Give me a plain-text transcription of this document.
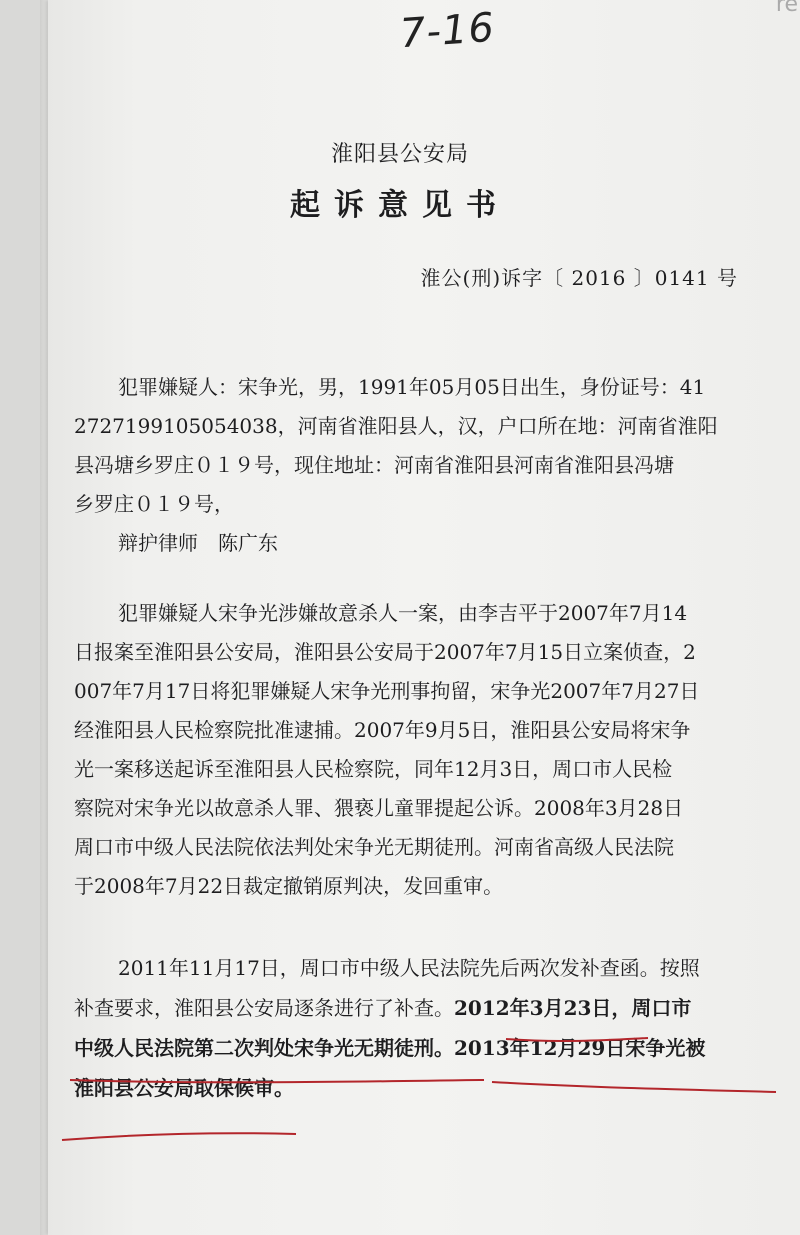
re
7-16
淮阳县公安局
起诉意见书
淮公(刑)诉字〔 2016 〕0141 号
犯罪嫌疑人：宋争光，男，1991年05月05日出生，身份证号：41
2727199105054038，河南省淮阳县人，汉，户口所在地：河南省淮阳
县冯塘乡罗庄０１９号，现住地址：河南省淮阳县河南省淮阳县冯塘
乡罗庄０１９号，
辩护律师　陈广东
犯罪嫌疑人宋争光涉嫌故意杀人一案，由李吉平于2007年7月14
日报案至淮阳县公安局，淮阳县公安局于2007年7月15日立案侦查，2
007年7月17日将犯罪嫌疑人宋争光刑事拘留，宋争光2007年7月27日
经淮阳县人民检察院批准逮捕。2007年9月5日，淮阳县公安局将宋争
光一案移送起诉至淮阳县人民检察院，同年12月3日，周口市人民检
察院对宋争光以故意杀人罪、猥亵儿童罪提起公诉。2008年3月28日
周口市中级人民法院依法判处宋争光无期徒刑。河南省高级人民法院
于2008年7月22日裁定撤销原判决，发回重审。
2011年11月17日，周口市中级人民法院先后两次发补查函。按照
补查要求，淮阳县公安局逐条进行了补查。2012年3月23日，周口市
中级人民法院第二次判处宋争光无期徒刑。2013年12月29日宋争光被
淮阳县公安局取保候审。
